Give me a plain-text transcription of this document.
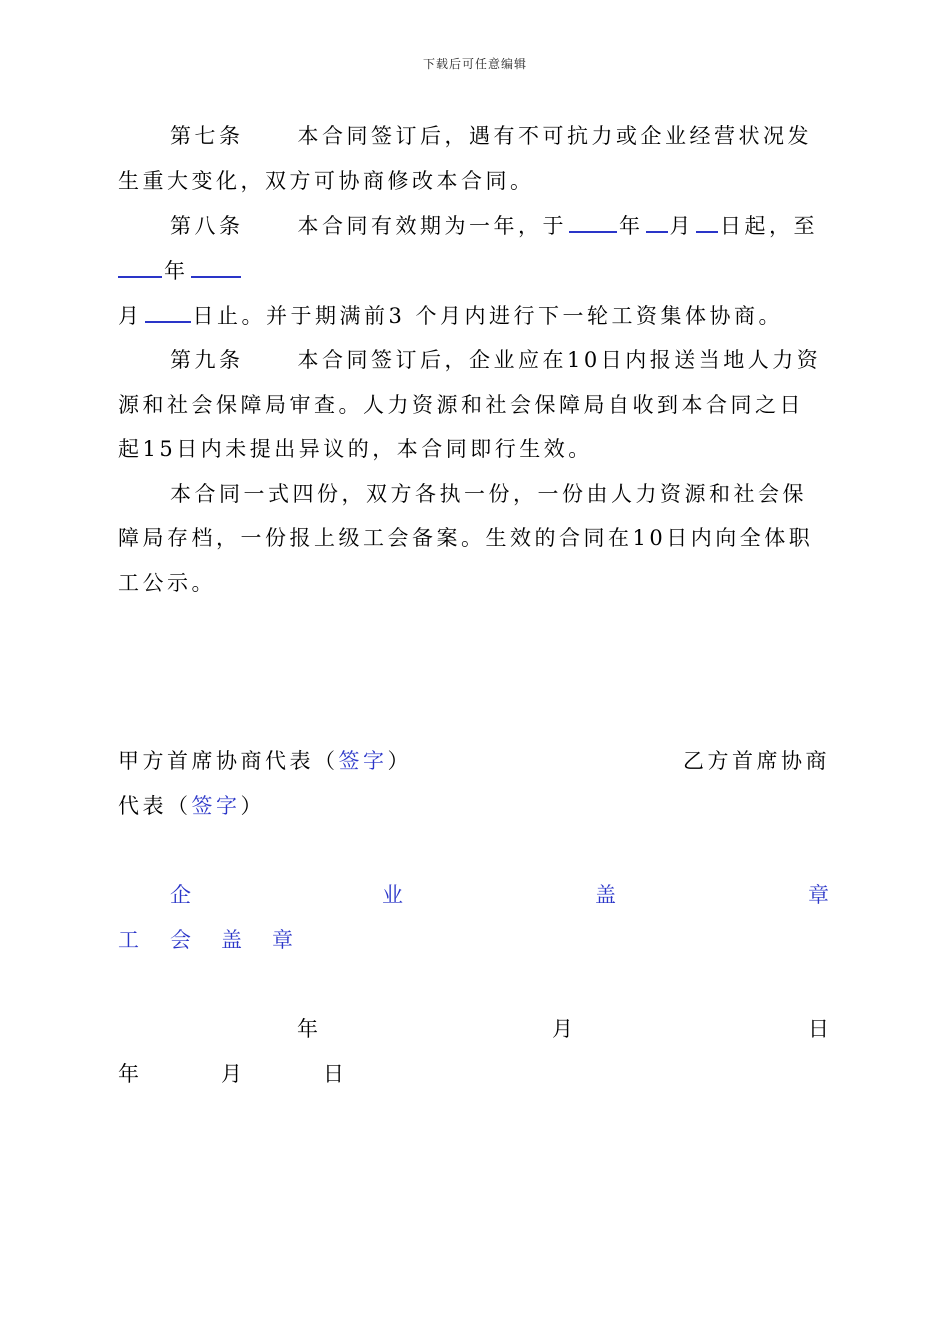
下载后可任意编辑
第七条	本合同签订后，遇有不可抗力或企业经营状况发
生重大变化，双方可协商修改本合同。
第八条	本合同有效期为一年，于 年 月 日起，至
年
月 日止。并于期满前3 个月内进行下一轮工资集体协商。
第九条	本合同签订后，企业应在10日内报送当地人力资
源和社会保障局审查。人力资源和社会保障局自收到本合同之日
起15日内未提出异议的，本合同即行生效。
本合同一式四份，双方各执一份，一份由人力资源和社会保
障局存档，一份报上级工会备案。生效的合同在10日内向全体职
工公示。
甲方首席协商代表（签字）	乙方首席协商
代表（签字）
企	业	盖	章
工 会 盖 章
年	月	日
年	月	日
